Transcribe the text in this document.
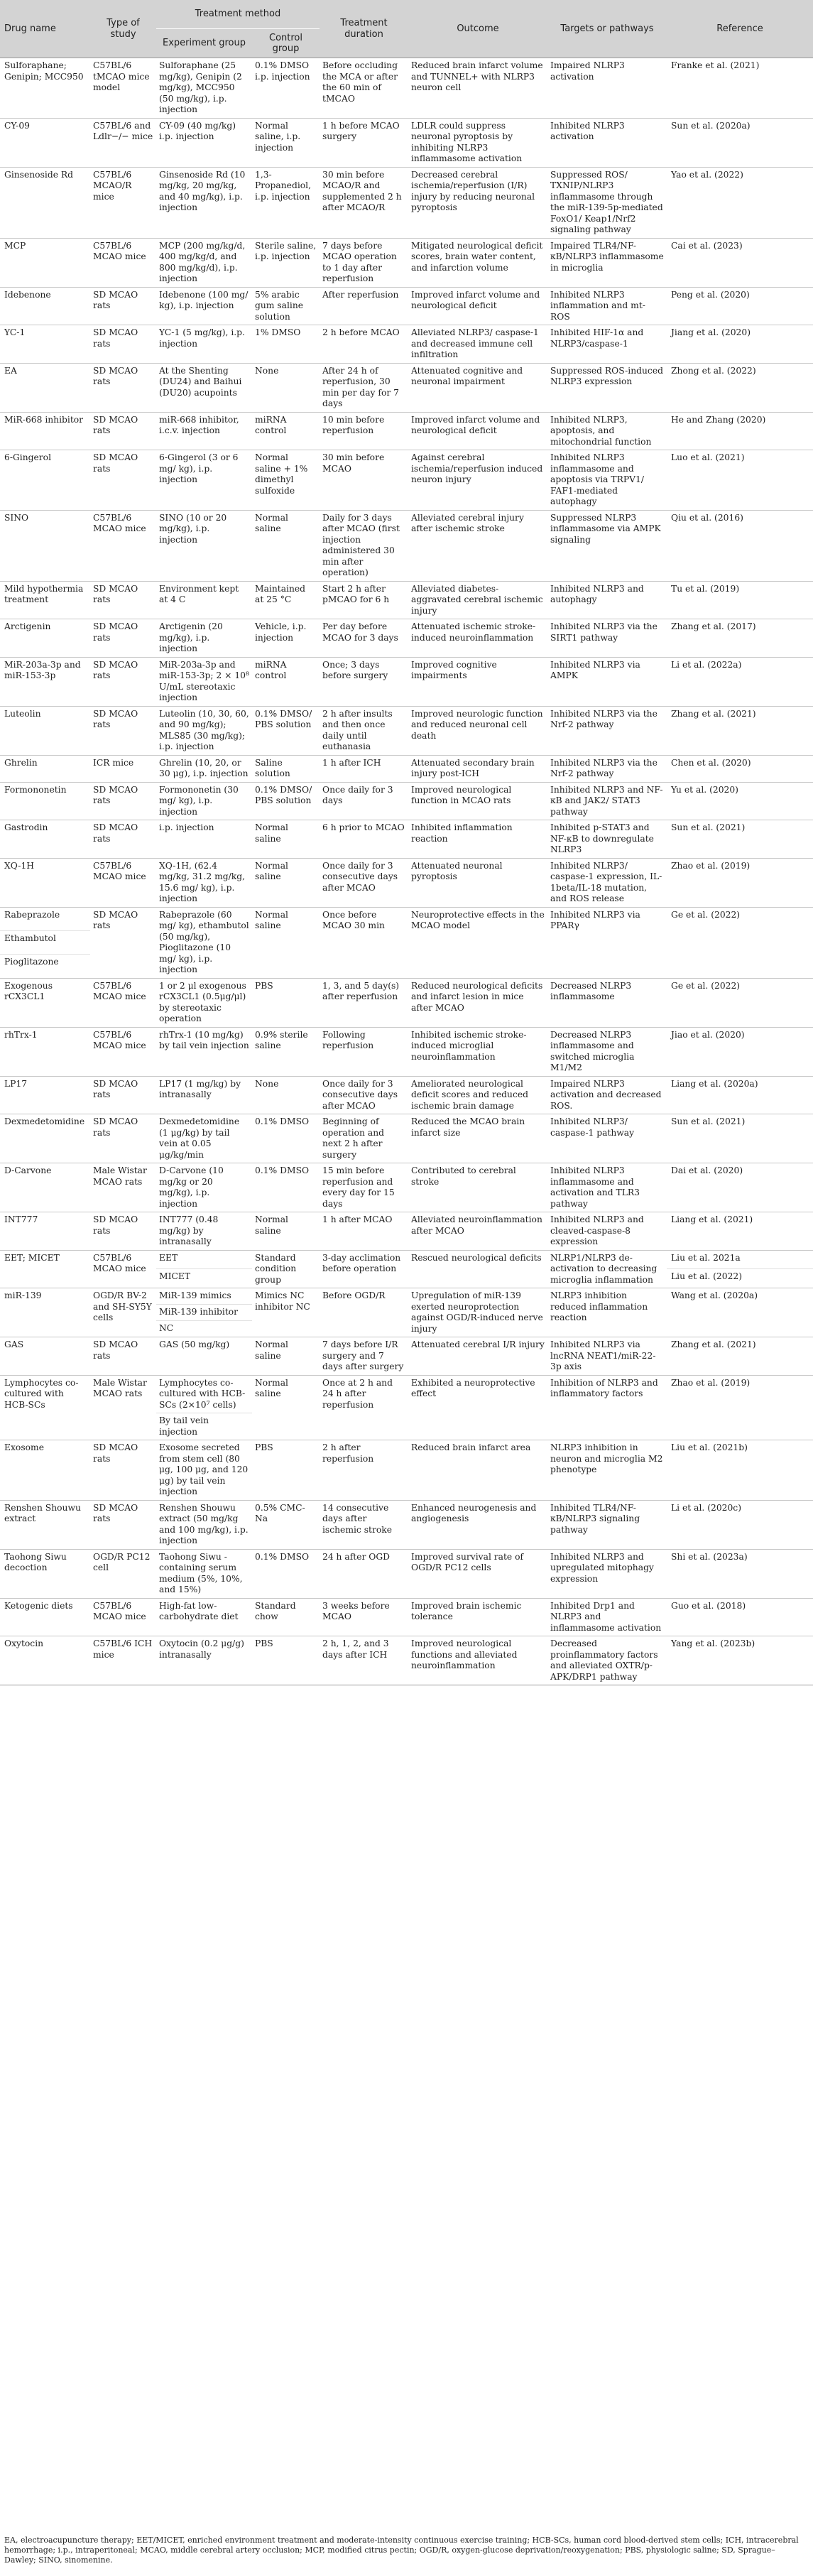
Drug name	Type of study	Treatment method		Treatment duration	Outcome	Targets or pathways	Reference
		Experiment group	Control group				
Sulforaphane; Genipin; MCC950	C57BL/6 tMCAO mice model	Sulforaphane (25 mg/kg), Genipin (2 mg/kg), MCC950 (50 mg/kg), i.p. injection	0.1% DMSO i.p. injection	Before occluding the MCA or after the 60 min of tMCAO	Reduced brain infarct volume and TUNNEL+ with NLRP3 neuron cell	Impaired NLRP3 activation	Franke et al. (2021)
CY-09	C57BL/6 and Ldlr−/− mice	CY-09 (40 mg/kg) i.p. injection	Normal saline, i.p. injection	1 h before MCAO surgery	LDLR could suppress neuronal pyroptosis by inhibiting NLRP3 inflammasome activation	Inhibited NLRP3 activation	Sun et al. (2020a)
Ginsenoside Rd	C57BL/6 MCAO/R mice	Ginsenoside Rd (10 mg/kg, 20 mg/kg, and 40 mg/kg), i.p. injection	1,3-Propanediol, i.p. injection	30 min before MCAO/R and supplemented 2 h after MCAO/R	Decreased cerebral ischemia/reperfusion (I/R) injury by reducing neuronal pyroptosis	Suppressed ROS/ TXNIP/NLRP3 inflammasome through the miR-139-5p-mediated FoxO1/ Keap1/Nrf2 signaling pathway	Yao et al. (2022)
MCP	C57BL/6 MCAO mice	MCP (200 mg/kg/d, 400 mg/kg/d, and 800 mg/kg/d), i.p. injection	Sterile saline, i.p. injection	7 days before MCAO operation to 1 day after reperfusion	Mitigated neurological deficit scores, brain water content, and infarction volume	Impaired TLR4/NF-κB/NLRP3 inflammasome in microglia	Cai et al. (2023)
Idebenone	SD MCAO rats	Idebenone (100 mg/ kg), i.p. injection	5% arabic gum saline solution	After reperfusion	Improved infarct volume and neurological deficit	Inhibited NLRP3 inflammation and mt-ROS	Peng et al. (2020)
YC-1	SD MCAO rats	YC-1 (5 mg/kg), i.p. injection	1% DMSO	2 h before MCAO	Alleviated NLRP3/ caspase-1 and decreased immune cell infiltration	Inhibited HIF-1α and NLRP3/caspase-1	Jiang et al. (2020)
EA	SD MCAO rats	At the Shenting (DU24) and Baihui (DU20) acupoints	None	After 24 h of reperfusion, 30 min per day for 7 days	Attenuated cognitive and neuronal impairment	Suppressed ROS-induced NLRP3 expression	Zhong et al. (2022)
MiR-668 inhibitor	SD MCAO rats	miR-668 inhibitor, i.c.v. injection	miRNA control	10 min before reperfusion	Improved infarct volume and neurological deficit	Inhibited NLRP3, apoptosis, and mitochondrial function	He and Zhang (2020)
6-Gingerol	SD MCAO rats	6-Gingerol (3 or 6 mg/ kg), i.p. injection	Normal saline + 1% dimethyl sulfoxide	30 min before MCAO	Against cerebral ischemia/reperfusion induced neuron injury	Inhibited NLRP3 inflammasome and apoptosis via TRPV1/ FAF1-mediated autophagy	Luo et al. (2021)
SINO	C57BL/6 MCAO mice	SINO (10 or 20 mg/kg), i.p. injection	Normal saline	Daily for 3 days after MCAO (first injection administered 30 min after operation)	Alleviated cerebral injury after ischemic stroke	Suppressed NLRP3 inflammasome via AMPK signaling	Qiu et al. (2016)
Mild hypothermia treatment	SD MCAO rats	Environment kept at 4 C	Maintained at 25 °C	Start 2 h after pMCAO for 6 h	Alleviated diabetes-aggravated cerebral ischemic injury	Inhibited NLRP3 and autophagy	Tu et al. (2019)
Arctigenin	SD MCAO rats	Arctigenin (20 mg/kg), i.p. injection	Vehicle, i.p. injection	Per day before MCAO for 3 days	Attenuated ischemic stroke-induced neuroinflammation	Inhibited NLRP3 via the SIRT1 pathway	Zhang et al. (2017)
MiR-203a-3p and miR-153-3p	SD MCAO rats	MiR-203a-3p and miR-153-3p; 2 × 10⁸ U/mL stereotaxic injection	miRNA control	Once; 3 days before surgery	Improved cognitive impairments	Inhibited NLRP3 via AMPK	Li et al. (2022a)
Luteolin	SD MCAO rats	Luteolin (10, 30, 60, and 90 mg/kg); MLS85 (30 mg/kg); i.p. injection	0.1% DMSO/ PBS solution	2 h after insults and then once daily until euthanasia	Improved neurologic function and reduced neuronal cell death	Inhibited NLRP3 via the Nrf-2 pathway	Zhang et al. (2021)
Ghrelin	ICR mice	Ghrelin (10, 20, or 30 μg), i.p. injection	Saline solution	1 h after ICH	Attenuated secondary brain injury post-ICH	Inhibited NLRP3 via the Nrf-2 pathway	Chen et al. (2020)
Formononetin	SD MCAO rats	Formononetin (30 mg/ kg), i.p. injection	0.1% DMSO/ PBS solution	Once daily for 3 days	Improved neurological function in MCAO rats	Inhibited NLRP3 and NF-κB and JAK2/ STAT3 pathway	Yu et al. (2020)
Gastrodin	SD MCAO rats	i.p. injection	Normal saline	6 h prior to MCAO	Inhibited inflammation reaction	Inhibited p-STAT3 and NF-κB to downregulate NLRP3	Sun et al. (2021)
XQ-1H	C57BL/6 MCAO mice	XQ-1H, (62.4 mg/kg, 31.2 mg/kg, 15.6 mg/ kg), i.p. injection	Normal saline	Once daily for 3 consecutive days after MCAO	Attenuated neuronal pyroptosis	Inhibited NLRP3/ caspase-1 expression, IL-1beta/IL-18 mutation, and ROS release	Zhao et al. (2019)
Rabeprazole	SD MCAO rats	Rabeprazole (60 mg/ kg), ethambutol (50 mg/kg), Pioglitazone (10 mg/ kg), i.p. injection	Normal saline	Once before MCAO 30 min	Neuroprotective effects in the MCAO model	Inhibited NLRP3 via PPARγ	Ge et al. (2022)
Ethambutol							
Pioglitazone							
Exogenous rCX3CL1	C57BL/6 MCAO mice	1 or 2 μl exogenous rCX3CL1 (0.5μg/μl) by stereotaxic operation	PBS	1, 3, and 5 day(s) after reperfusion	Reduced neurological deficits and infarct lesion in mice after MCAO	Decreased NLRP3 inflammasome	Ge et al. (2022)
rhTrx-1	C57BL/6 MCAO mice	rhTrx-1 (10 mg/kg) by tail vein injection	0.9% sterile saline	Following reperfusion	Inhibited ischemic stroke-induced microglial neuroinflammation	Decreased NLRP3 inflammasome and switched microglia M1/M2	Jiao et al. (2020)
LP17	SD MCAO rats	LP17 (1 mg/kg) by intranasally	None	Once daily for 3 consecutive days after MCAO	Ameliorated neurological deficit scores and reduced ischemic brain damage	Impaired NLRP3 activation and decreased ROS.	Liang et al. (2020a)
Dexmedetomidine	SD MCAO rats	Dexmedetomidine (1 μg/kg) by tail vein at 0.05 μg/kg/min	0.1% DMSO	Beginning of operation and next 2 h after surgery	Reduced the MCAO brain infarct size	Inhibited NLRP3/ caspase-1 pathway	Sun et al. (2021)
D-Carvone	Male Wistar MCAO rats	D-Carvone (10 mg/kg or 20 mg/kg), i.p. injection	0.1% DMSO	15 min before reperfusion and every day for 15 days	Contributed to cerebral stroke	Inhibited NLRP3 inflammasome and activation and TLR3 pathway	Dai et al. (2020)
INT777	SD MCAO rats	INT777 (0.48 mg/kg) by intranasally	Normal saline	1 h after MCAO	Alleviated neuroinflammation after MCAO	Inhibited NLRP3 and cleaved-caspase-8 expression	Liang et al. (2021)
EET; MICET	C57BL/6 MCAO mice	EET	Standard condition group	3-day acclimation before operation	Rescued neurological deficits	NLRP1/NLRP3 de-activation to decreasing microglia inflammation	Liu et al. 2021a
		MICET					Liu et al. (2022)
miR-139	OGD/R BV-2 and SH-SY5Y cells	MiR-139 mimics	Mimics NC inhibitor NC	Before OGD/R	Upregulation of miR-139 exerted neuroprotection against OGD/R-induced nerve injury	NLRP3 inhibition reduced inflammation reaction	Wang et al. (2020a)
		MiR-139 inhibitor					
		NC					
GAS	SD MCAO rats	GAS (50 mg/kg)	Normal saline	7 days before I/R surgery and 7 days after surgery	Attenuated cerebral I/R injury	Inhibited NLRP3 via lncRNA NEAT1/miR-22-3p axis	Zhang et al. (2021)
Lymphocytes co-cultured with HCB-SCs	Male Wistar MCAO rats	Lymphocytes co-cultured with HCB-SCs (2×10⁷ cells)	Normal saline	Once at 2 h and 24 h after reperfusion	Exhibited a neuroprotective effect	Inhibition of NLRP3 and inflammatory factors	Zhao et al. (2019)
		By tail vein injection					
Exosome	SD MCAO rats	Exosome secreted from stem cell (80 μg, 100 μg, and 120 μg) by tail vein injection	PBS	2 h after reperfusion	Reduced brain infarct area	NLRP3 inhibition in neuron and microglia M2 phenotype	Liu et al. (2021b)
Renshen Shouwu extract	SD MCAO rats	Renshen Shouwu extract (50 mg/kg and 100 mg/kg), i.p. injection	0.5% CMC-Na	14 consecutive days after ischemic stroke	Enhanced neurogenesis and angiogenesis	Inhibited TLR4/NF-κB/NLRP3 signaling pathway	Li et al. (2020c)
Taohong Siwu decoction	OGD/R PC12 cell	Taohong Siwu -containing serum medium (5%, 10%, and 15%)	0.1% DMSO	24 h after OGD	Improved survival rate of OGD/R PC12 cells	Inhibited NLRP3 and upregulated mitophagy expression	Shi et al. (2023a)
Ketogenic diets	C57BL/6 MCAO mice	High-fat low-carbohydrate diet	Standard chow	3 weeks before MCAO	Improved brain ischemic tolerance	Inhibited Drp1 and NLRP3 and inflammasome activation	Guo et al. (2018)
Oxytocin	C57BL/6 ICH mice	Oxytocin (0.2 μg/g) intranasally	PBS	2 h, 1, 2, and 3 days after ICH	Improved neurological functions and alleviated neuroinflammation	Decreased proinflammatory factors and alleviated OXTR/p-APK/DRP1 pathway	Yang et al. (2023b)
EA, electroacupuncture therapy; EET/MICET, enriched environment treatment and moderate-intensity continuous exercise training; HCB-SCs, human cord blood-derived stem cells; ICH, intracerebral hemorrhage; i.p., intraperitoneal; MCAO, middle cerebral artery occlusion; MCP, modified citrus pectin; OGD/R, oxygen-glucose deprivation/reoxygenation; PBS, physiologic saline; SD, Sprague–Dawley; SINO, sinomenine.
